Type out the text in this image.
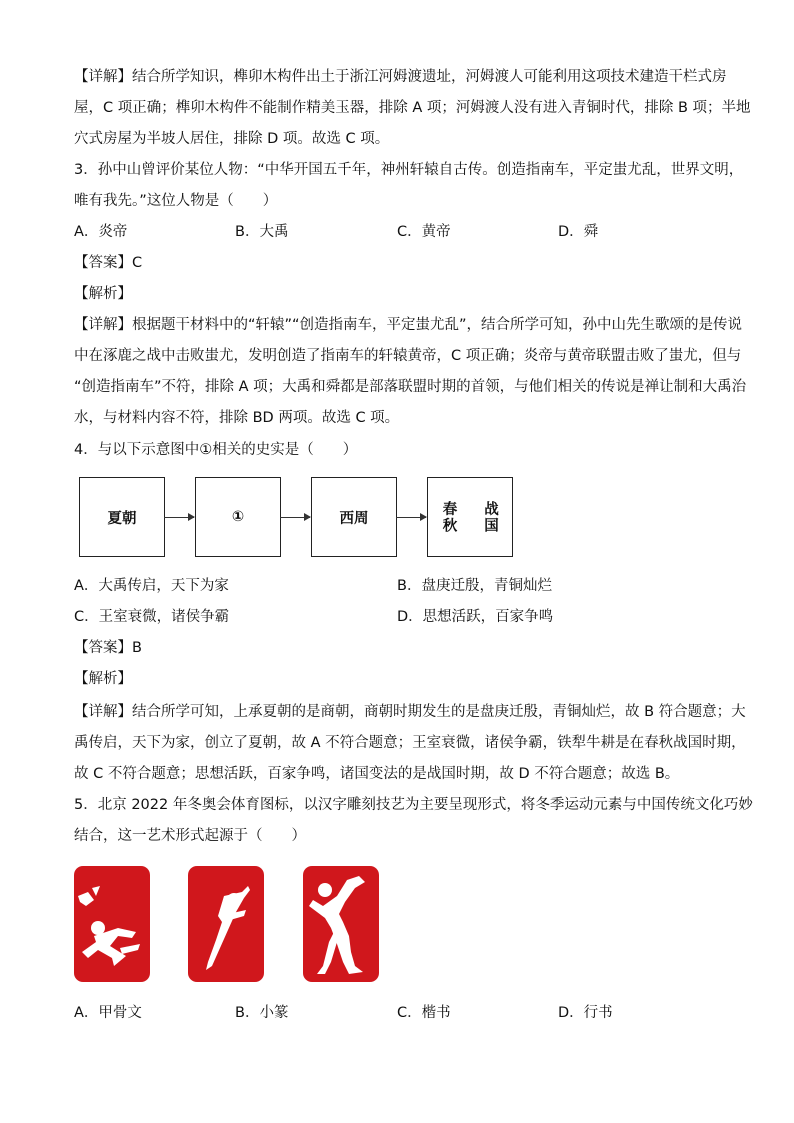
【详解】结合所学知识，榫卯木构件出土于浙江河姆渡遗址，河姆渡人可能利用这项技术建造干栏式房
屋，C 项正确；榫卯木构件不能制作精美玉器，排除 A 项；河姆渡人没有进入青铜时代，排除 B 项；半地
穴式房屋为半坡人居住，排除 D 项。故选 C 项。
3．孙中山曾评价某位人物：“中华开国五千年，神州轩辕自古传。创造指南车，平定蚩尤乱，世界文明，
唯有我先。”这位人物是（　　）
A．炎帝	B．大禹	C．黄帝	D．舜
【答案】C
【解析】
【详解】根据题干材料中的“轩辕”“创造指南车，平定蚩尤乱”，结合所学可知，孙中山先生歌颂的是传说
中在涿鹿之战中击败蚩尤，发明创造了指南车的轩辕黄帝，C 项正确；炎帝与黄帝联盟击败了蚩尤，但与
“创造指南车”不符，排除 A 项；大禹和舜都是部落联盟时期的首领，与他们相关的传说是禅让制和大禹治
水，与材料内容不符，排除 BD 两项。故选 C 项。
4．与以下示意图中①相关的史实是（　　）
夏朝	①	西周	春秋	战国
A．大禹传启，天下为家	B．盘庚迁殷，青铜灿烂
C．王室衰微，诸侯争霸	D．思想活跃，百家争鸣
【答案】B
【解析】
【详解】结合所学可知，上承夏朝的是商朝，商朝时期发生的是盘庚迁殷，青铜灿烂，故 B 符合题意；大
禹传启，天下为家，创立了夏朝，故 A 不符合题意；王室衰微，诸侯争霸，铁犁牛耕是在春秋战国时期，
故 C 不符合题意；思想活跃，百家争鸣，诸国变法的是战国时期，故 D 不符合题意；故选 B。
5．北京 2022 年冬奥会体育图标，以汉字雕刻技艺为主要呈现形式，将冬季运动元素与中国传统文化巧妙
结合，这一艺术形式起源于（　　）
A．甲骨文	B．小篆	C．楷书	D．行书
